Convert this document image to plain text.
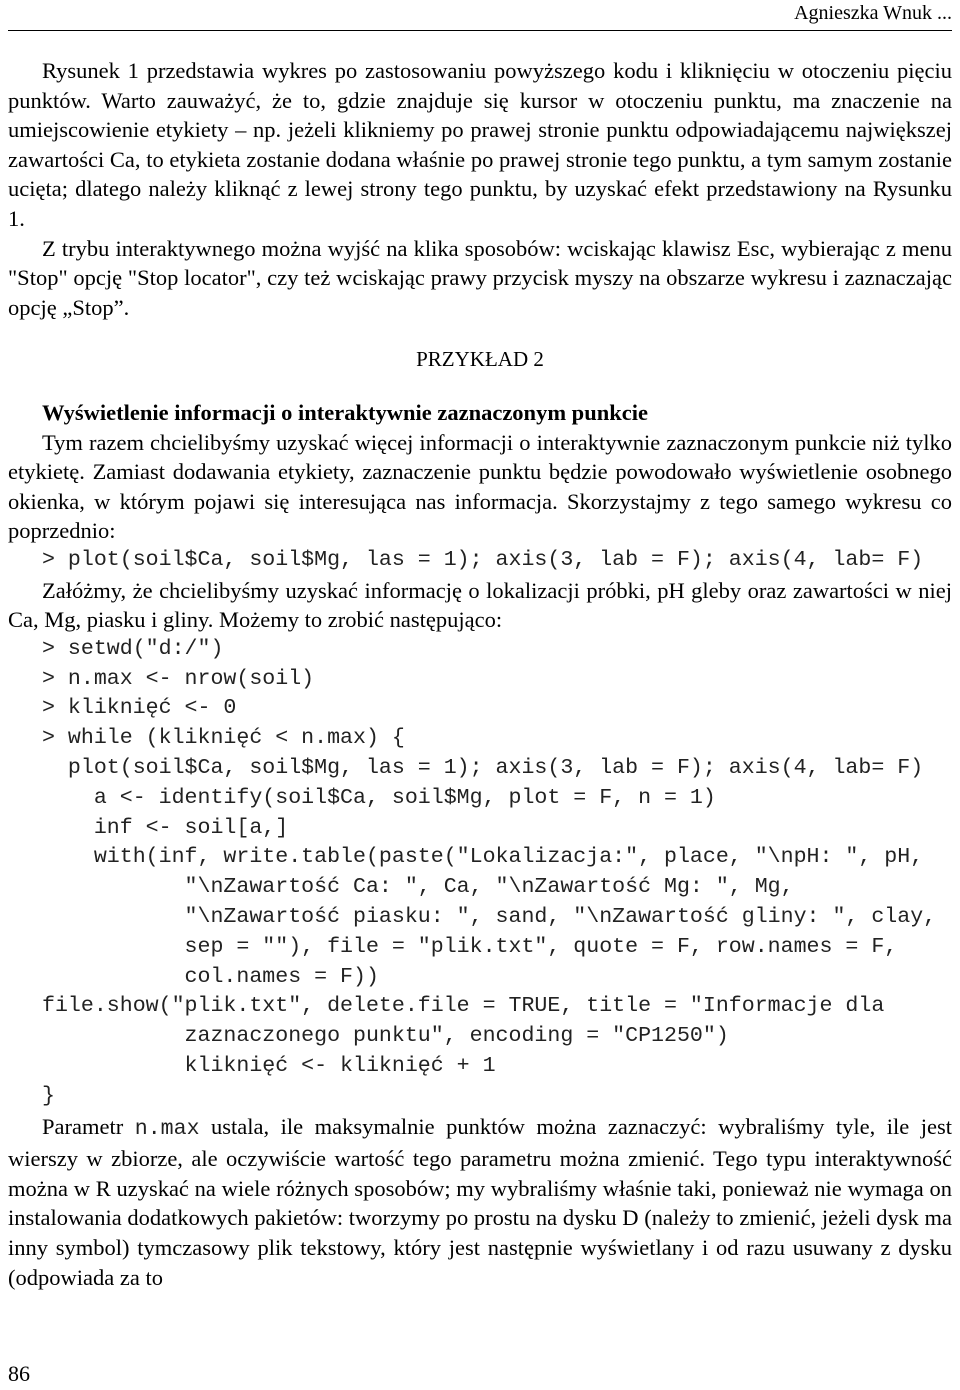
Agnieszka Wnuk ...

Rysunek 1 przedstawia wykres po zastosowaniu powyższego kodu i kliknięciu w otoczeniu pięciu punktów. Warto zauważyć, że to, gdzie znajduje się kursor w otoczeniu punktu, ma znaczenie na umiejscowienie etykiety – np. jeżeli klikniemy po prawej stronie punktu odpowiadającemu największej zawartości Ca, to etykieta zostanie dodana właśnie po prawej stronie tego punktu, a tym samym zostanie ucięta; dlatego należy kliknąć z lewej strony tego punktu, by uzyskać efekt przedstawiony na Rysunku 1.

Z trybu interaktywnego można wyjść na klika sposobów: wciskając klawisz Esc, wybierając z menu "Stop" opcję "Stop locator", czy też wciskając prawy przycisk myszy na obszarze wykresu i zaznaczając opcję „Stop”.

PRZYKŁAD 2

Wyświetlenie informacji o interaktywnie zaznaczonym punkcie

Tym razem chcielibyśmy uzyskać więcej informacji o interaktywnie zaznaczonym punkcie niż tylko etykietę. Zamiast dodawania etykiety, zaznaczenie punktu będzie powodowało wyświetlenie osobnego okienka, w którym pojawi się interesująca nas informacja. Skorzystajmy z tego samego wykresu co poprzednio:

> plot(soil$Ca, soil$Mg, las = 1); axis(3, lab = F); axis(4, lab= F)

Załóżmy, że chcielibyśmy uzyskać informację o lokalizacji próbki, pH gleby oraz zawartości w niej Ca, Mg, piasku i gliny. Możemy to zrobić następująco:

> setwd("d:/")
> n.max <- nrow(soil)
> kliknięć <- 0
> while (kliknięć < n.max) {
plot(soil$Ca, soil$Mg, las = 1); axis(3, lab = F); axis(4, lab= F)
a <- identify(soil$Ca, soil$Mg, plot = F, n = 1)
inf <- soil[a,]
with(inf, write.table(paste("Lokalizacja:", place, "\npH: ", pH,
"\nZawartość Ca: ", Ca, "\nZawartość Mg: ", Mg,
"\nZawartość piasku: ", sand, "\nZawartość gliny: ", clay,
sep = ""), file = "plik.txt", quote = F, row.names = F,
col.names = F))
file.show("plik.txt", delete.file = TRUE, title = "Informacje dla
zaznaczonego punktu", encoding = "CP1250")
kliknięć <- kliknięć + 1
}

Parametr n.max ustala, ile maksymalnie punktów można zaznaczyć: wybraliśmy tyle, ile jest wierszy w zbiorze, ale oczywiście wartość tego parametru można zmienić. Tego typu interaktywność można w R uzyskać na wiele różnych sposobów; my wybraliśmy właśnie taki, ponieważ nie wymaga on instalowania dodatkowych pakietów: tworzymy po prostu na dysku D (należy to zmienić, jeżeli dysk ma inny symbol) tymczasowy plik tekstowy, który jest następnie wyświetlany i od razu usuwany z dysku (odpowiada za to

86
